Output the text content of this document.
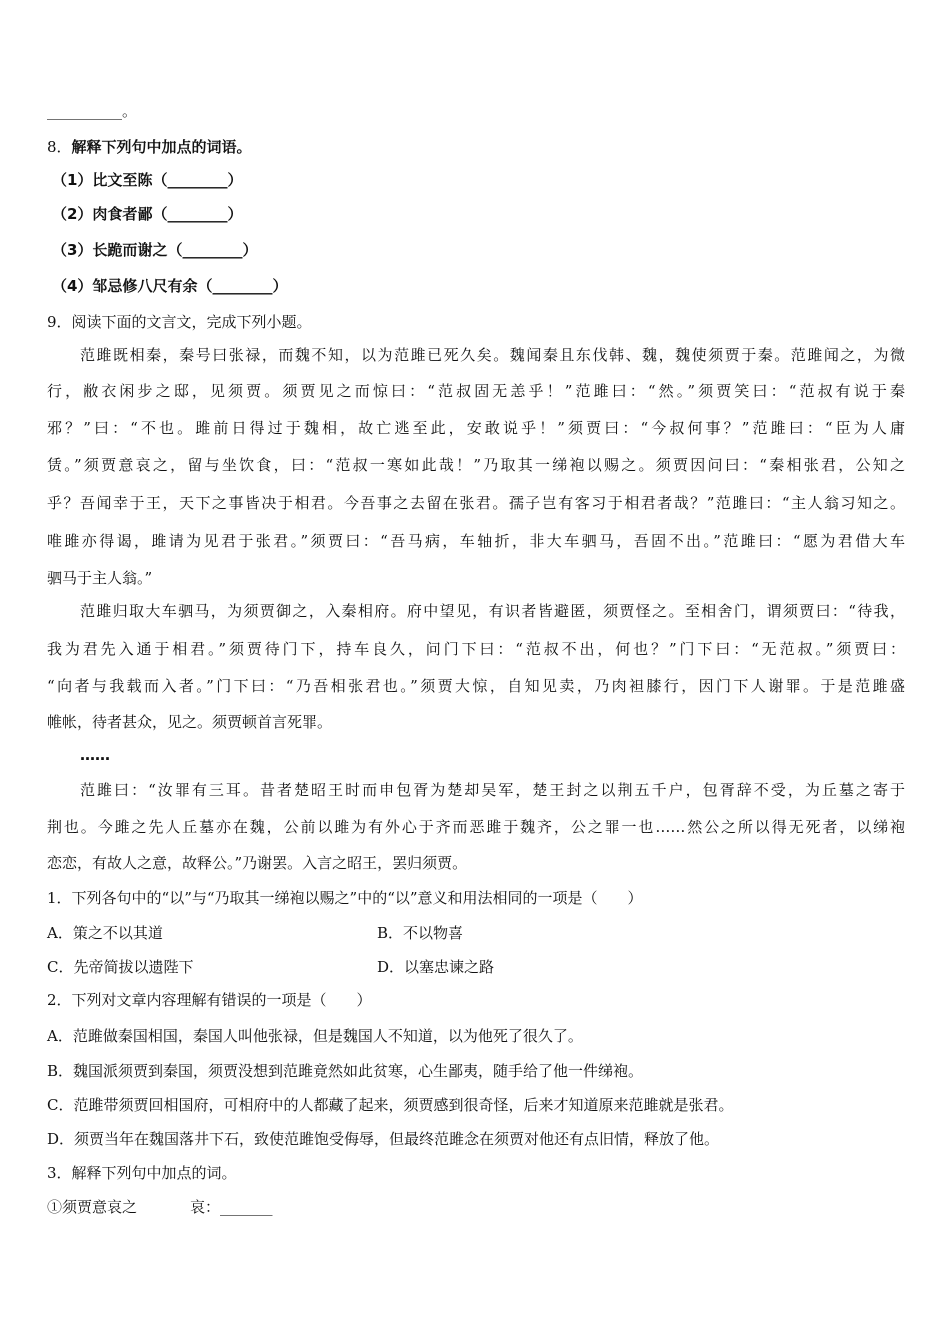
__________。
8．解释下列句中加点的词语。
（1）比文至陈（________）
（2）肉食者鄙（________）
（3）长跪而谢之（________）
（4）邹忌修八尺有余（________）
9．阅读下面的文言文，完成下列小题。
范雎既相秦，秦号曰张禄，而魏不知，以为范雎已死久矣。魏闻秦且东伐韩、魏，魏使须贾于秦。范雎闻之，为微
行，敝衣闲步之邸，见须贾。须贾见之而惊曰：“范叔固无恙乎！”范雎曰：“然。”须贾笑曰：“范叔有说于秦
邪？”曰：“不也。雎前日得过于魏相，故亡逃至此，安敢说乎！”须贾曰：“今叔何事？”范雎曰：“臣为人庸
赁。”须贾意哀之，留与坐饮食，曰：“范叔一寒如此哉！”乃取其一绨袍以赐之。须贾因问曰：“秦相张君，公知之
乎？吾闻幸于王，天下之事皆决于相君。今吾事之去留在张君。孺子岂有客习于相君者哉？”范雎曰：“主人翁习知之。
唯雎亦得谒，雎请为见君于张君。”须贾曰：“吾马病，车轴折，非大车驷马，吾固不出。”范雎曰：“愿为君借大车
驷马于主人翁。”
范雎归取大车驷马，为须贾御之，入秦相府。府中望见，有识者皆避匿，须贾怪之。至相舍门，谓须贾曰：“待我，
我为君先入通于相君。”须贾待门下，持车良久，问门下曰：“范叔不出，何也？”门下曰：“无范叔。”须贾曰：
“向者与我载而入者。”门下曰：“乃吾相张君也。”须贾大惊，自知见卖，乃肉袒膝行，因门下人谢罪。于是范雎盛
帷帐，待者甚众，见之。须贾顿首言死罪。
……
范雎曰：“汝罪有三耳。昔者楚昭王时而申包胥为楚却吴军，楚王封之以荆五千户，包胥辞不受，为丘墓之寄于
荆也。今雎之先人丘墓亦在魏，公前以雎为有外心于齐而恶雎于魏齐，公之罪一也……然公之所以得无死者，以绨袍
恋恋，有故人之意，故释公。”乃谢罢。入言之昭王，罢归须贾。
1．下列各句中的“以”与“乃取其一绨袍以赐之”中的“以”意义和用法相同的一项是（　　）
A．策之不以其道	B．不以物喜
C．先帝简拔以遗陛下	D．以塞忠谏之路
2．下列对文章内容理解有错误的一项是（　　）
A．范雎做秦国相国，秦国人叫他张禄，但是魏国人不知道，以为他死了很久了。
B．魏国派须贾到秦国，须贾没想到范雎竟然如此贫寒，心生鄙夷，随手给了他一件绨袍。
C．范雎带须贾回相国府，可相府中的人都藏了起来，须贾感到很奇怪，后来才知道原来范雎就是张君。
D．须贾当年在魏国落井下石，致使范雎饱受侮辱，但最终范雎念在须贾对他还有点旧情，释放了他。
3．解释下列句中加点的词。
①须贾意哀之	哀：_______
